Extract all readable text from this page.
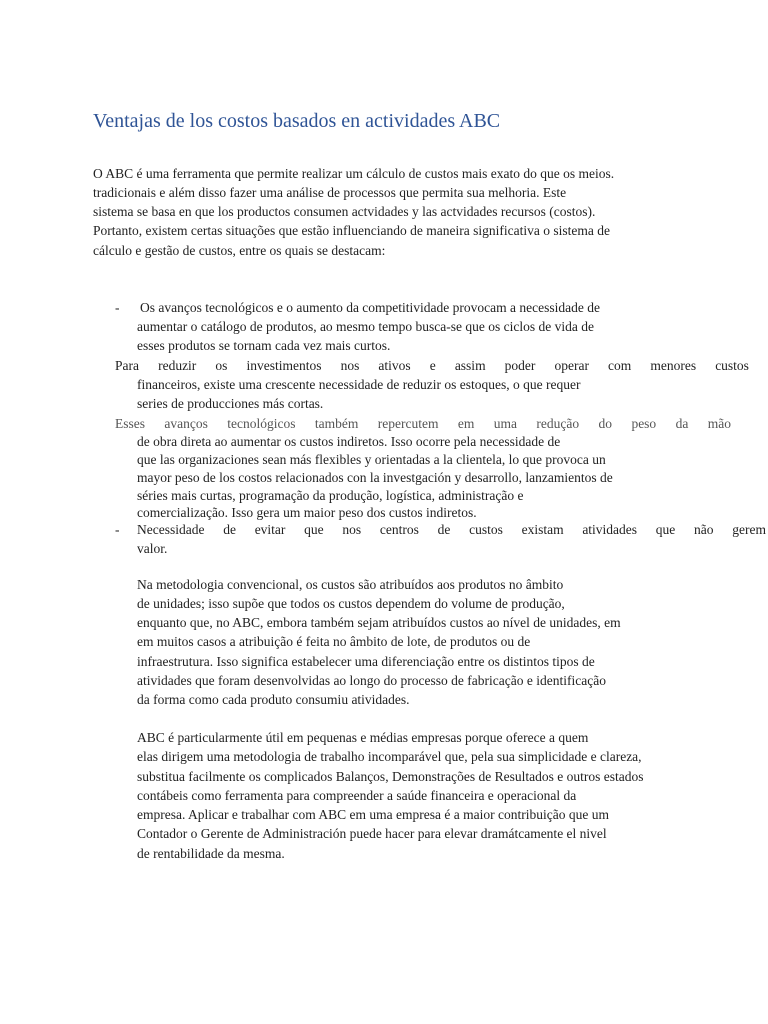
Ventajas de los costos basados en actividades ABC

O ABC é uma ferramenta que permite realizar um cálculo de custos mais exato do que os meios.

tradicionais e além disso fazer uma análise de processos que permita sua melhoria. Este

sistema se basa en que los productos consumen actvidades y las actvidades recursos (costos).

Portanto, existem certas situações que estão influenciando de maneira significativa o sistema de

cálculo e gestão de custos, entre os quais se destacam:

- Os avanços tecnológicos e o aumento da competitividade provocam a necessidade de

aumentar o catálogo de produtos, ao mesmo tempo busca-se que os ciclos de vida de

esses produtos se tornam cada vez mais curtos.

Para reduzir os investimentos nos ativos e assim poder operar com menores custos

financeiros, existe uma crescente necessidade de reduzir os estoques, o que requer

series de producciones más cortas.

Esses avanços tecnológicos também repercutem em uma redução do peso da mão

de obra direta ao aumentar os custos indiretos. Isso ocorre pela necessidade de

que las organizaciones sean más flexibles y orientadas a la clientela, lo que provoca un

mayor peso de los costos relacionados con la investgación y desarrollo, lanzamientos de

séries mais curtas, programação da produção, logística, administração e

comercialização. Isso gera um maior peso dos custos indiretos.

- Necessidade de evitar que nos centros de custos existam atividades que não gerem

valor.

Na metodologia convencional, os custos são atribuídos aos produtos no âmbito

de unidades; isso supõe que todos os custos dependem do volume de produção,

enquanto que, no ABC, embora também sejam atribuídos custos ao nível de unidades, em

em muitos casos a atribuição é feita no âmbito de lote, de produtos ou de

infraestrutura. Isso significa estabelecer uma diferenciação entre os distintos tipos de

atividades que foram desenvolvidas ao longo do processo de fabricação e identificação

da forma como cada produto consumiu atividades.

ABC é particularmente útil em pequenas e médias empresas porque oferece a quem

elas dirigem uma metodologia de trabalho incomparável que, pela sua simplicidade e clareza,

substitua facilmente os complicados Balanços, Demonstrações de Resultados e outros estados

contábeis como ferramenta para compreender a saúde financeira e operacional da

empresa. Aplicar e trabalhar com ABC em uma empresa é a maior contribuição que um

Contador o Gerente de Administración puede hacer para elevar dramátcamente el nivel

de rentabilidade da mesma.
